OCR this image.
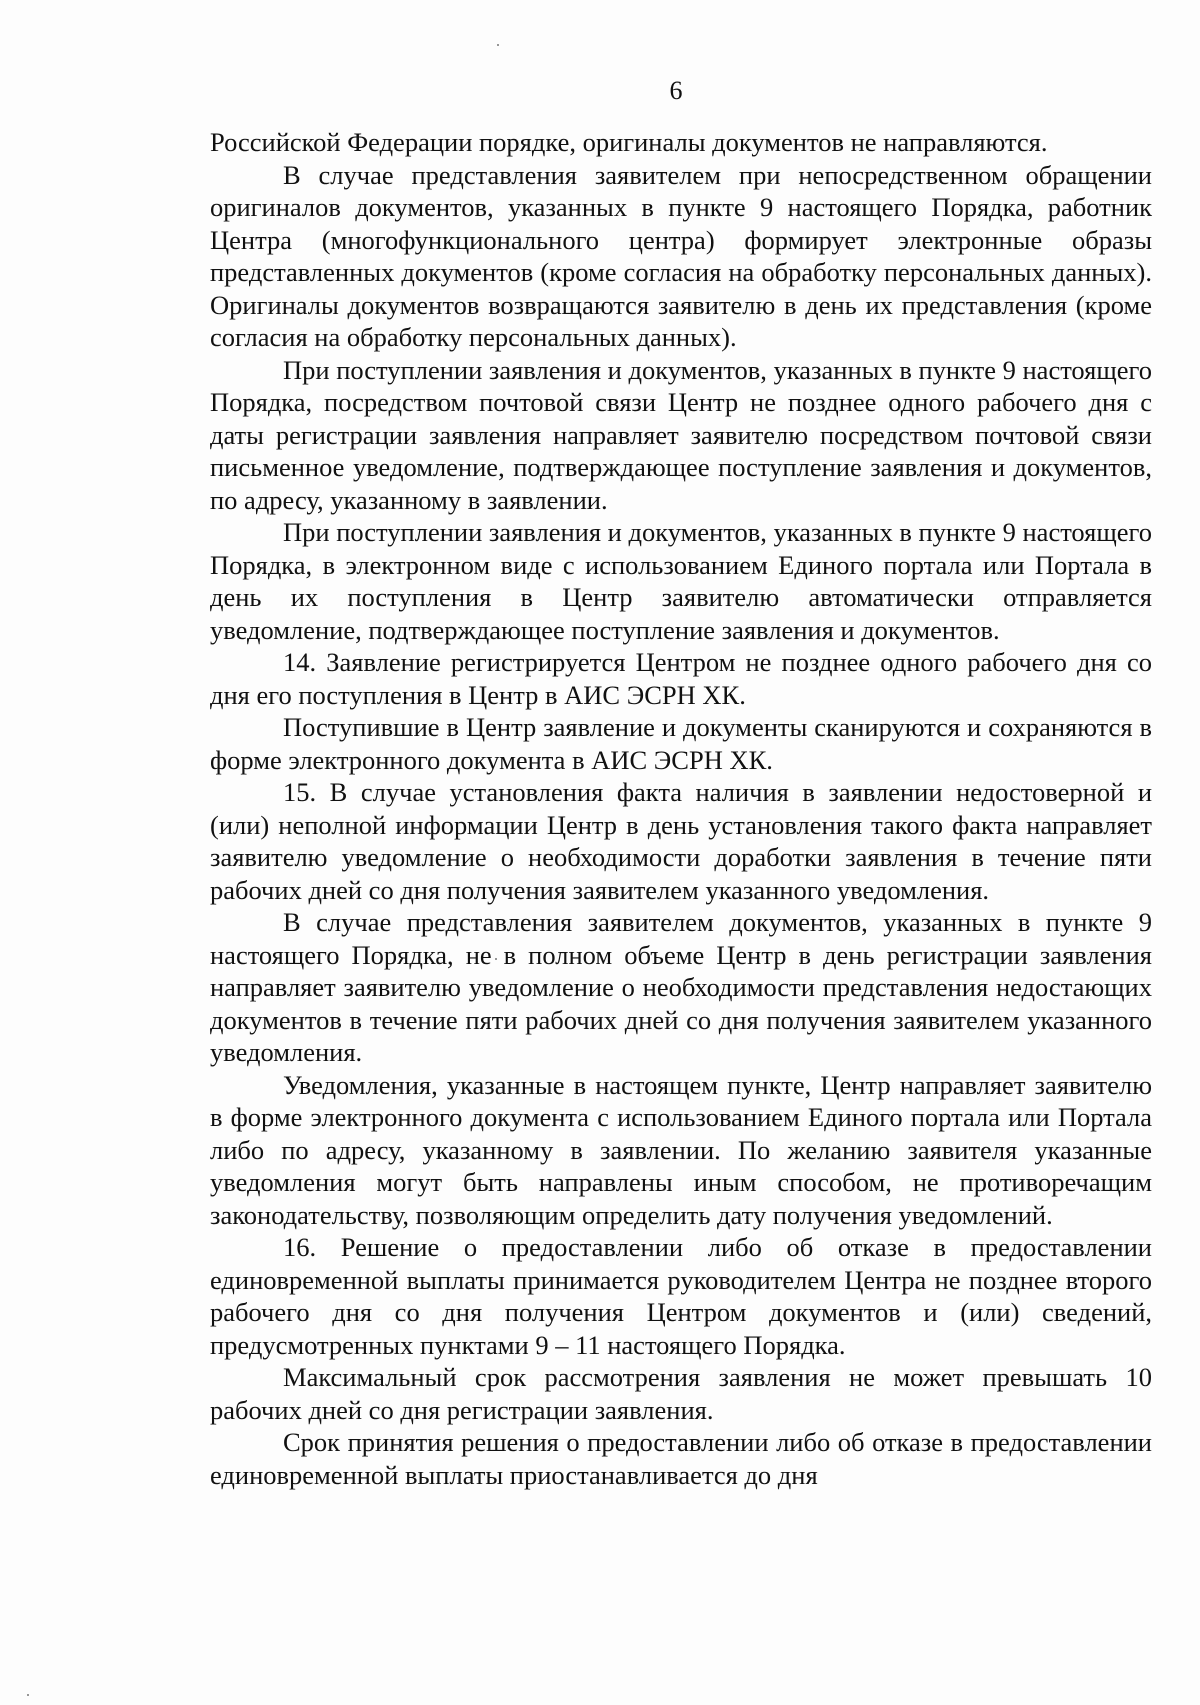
6

Российской Федерации порядке, оригиналы документов не направляются.

В случае представления заявителем при непосредственном обращении оригиналов документов, указанных в пункте 9 настоящего Порядка, работник Центра (многофункционального центра) формирует электронные образы представленных документов (кроме согласия на обработку персональных данных). Оригиналы документов возвращаются заявителю в день их представления (кроме согласия на обработку персональных данных).

При поступлении заявления и документов, указанных в пункте 9 настоящего Порядка, посредством почтовой связи Центр не позднее одного рабочего дня с даты регистрации заявления направляет заявителю посредством почтовой связи письменное уведомление, подтверждающее поступление заявления и документов, по адресу, указанному в заявлении.

При поступлении заявления и документов, указанных в пункте 9 настоящего Порядка, в электронном виде с использованием Единого портала или Портала в день их поступления в Центр заявителю автоматически отправляется уведомление, подтверждающее поступление заявления и документов.

14. Заявление регистрируется Центром не позднее одного рабочего дня со дня его поступления в Центр в АИС ЭСРН ХК.

Поступившие в Центр заявление и документы сканируются и сохраняются в форме электронного документа в АИС ЭСРН ХК.

15. В случае установления факта наличия в заявлении недостоверной и (или) неполной информации Центр в день установления такого факта направляет заявителю уведомление о необходимости доработки заявления в течение пяти рабочих дней со дня получения заявителем указанного уведомления.

В случае представления заявителем документов, указанных в пункте 9 настоящего Порядка, не в полном объеме Центр в день регистрации заявления направляет заявителю уведомление о необходимости представления недостающих документов в течение пяти рабочих дней со дня получения заявителем указанного уведомления.

Уведомления, указанные в настоящем пункте, Центр направляет заявителю в форме электронного документа с использованием Единого портала или Портала либо по адресу, указанному в заявлении. По желанию заявителя указанные уведомления могут быть направлены иным способом, не противоречащим законодательству, позволяющим определить дату получения уведомлений.

16. Решение о предоставлении либо об отказе в предоставлении единовременной выплаты принимается руководителем Центра не позднее второго рабочего дня со дня получения Центром документов и (или) сведений, предусмотренных пунктами 9 – 11 настоящего Порядка.

Максимальный срок рассмотрения заявления не может превышать 10 рабочих дней со дня регистрации заявления.

Срок принятия решения о предоставлении либо об отказе в предоставлении единовременной выплаты приостанавливается до дня
